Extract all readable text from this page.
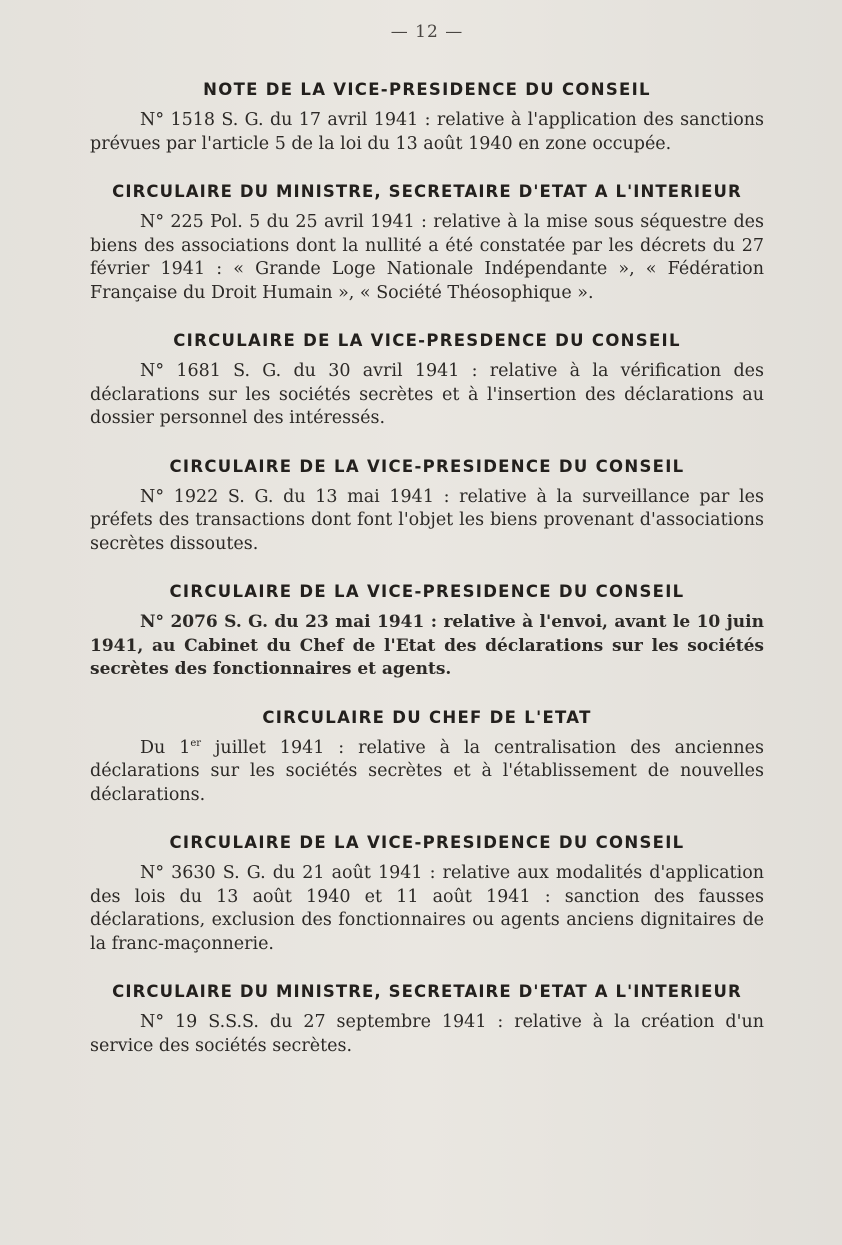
— 12 —

NOTE DE LA VICE-PRESIDENCE DU CONSEIL

N° 1518 S. G. du 17 avril 1941 : relative à l'application des sanctions prévues par l'article 5 de la loi du 13 août 1940 en zone occupée.

CIRCULAIRE DU MINISTRE, SECRETAIRE D'ETAT A L'INTERIEUR

N° 225 Pol. 5 du 25 avril 1941 : relative à la mise sous séquestre des biens des associations dont la nullité a été constatée par les décrets du 27 février 1941 : « Grande Loge Nationale Indépendante », « Fédération Française du Droit Humain », « Société Théosophique ».

CIRCULAIRE DE LA VICE-PRESDENCE DU CONSEIL

N° 1681 S. G. du 30 avril 1941 : relative à la vérification des déclarations sur les sociétés secrètes et à l'insertion des déclarations au dossier personnel des intéressés.

CIRCULAIRE DE LA VICE-PRESIDENCE DU CONSEIL

N° 1922 S. G. du 13 mai 1941 : relative à la surveillance par les préfets des transactions dont font l'objet les biens provenant d'associations secrètes dissoutes.

CIRCULAIRE DE LA VICE-PRESIDENCE DU CONSEIL

N° 2076 S. G. du 23 mai 1941 : relative à l'envoi, avant le 10 juin 1941, au Cabinet du Chef de l'Etat des déclarations sur les sociétés secrètes des fonctionnaires et agents.

CIRCULAIRE DU CHEF DE L'ETAT

Du 1er juillet 1941 : relative à la centralisation des anciennes déclarations sur les sociétés secrètes et à l'établissement de nouvelles déclarations.

CIRCULAIRE DE LA VICE-PRESIDENCE DU CONSEIL

N° 3630 S. G. du 21 août 1941 : relative aux modalités d'application des lois du 13 août 1940 et 11 août 1941 : sanction des fausses déclarations, exclusion des fonctionnaires ou agents anciens dignitaires de la franc-maçonnerie.

CIRCULAIRE DU MINISTRE, SECRETAIRE D'ETAT A L'INTERIEUR

N° 19 S.S.S. du 27 septembre 1941 : relative à la création d'un service des sociétés secrètes.
